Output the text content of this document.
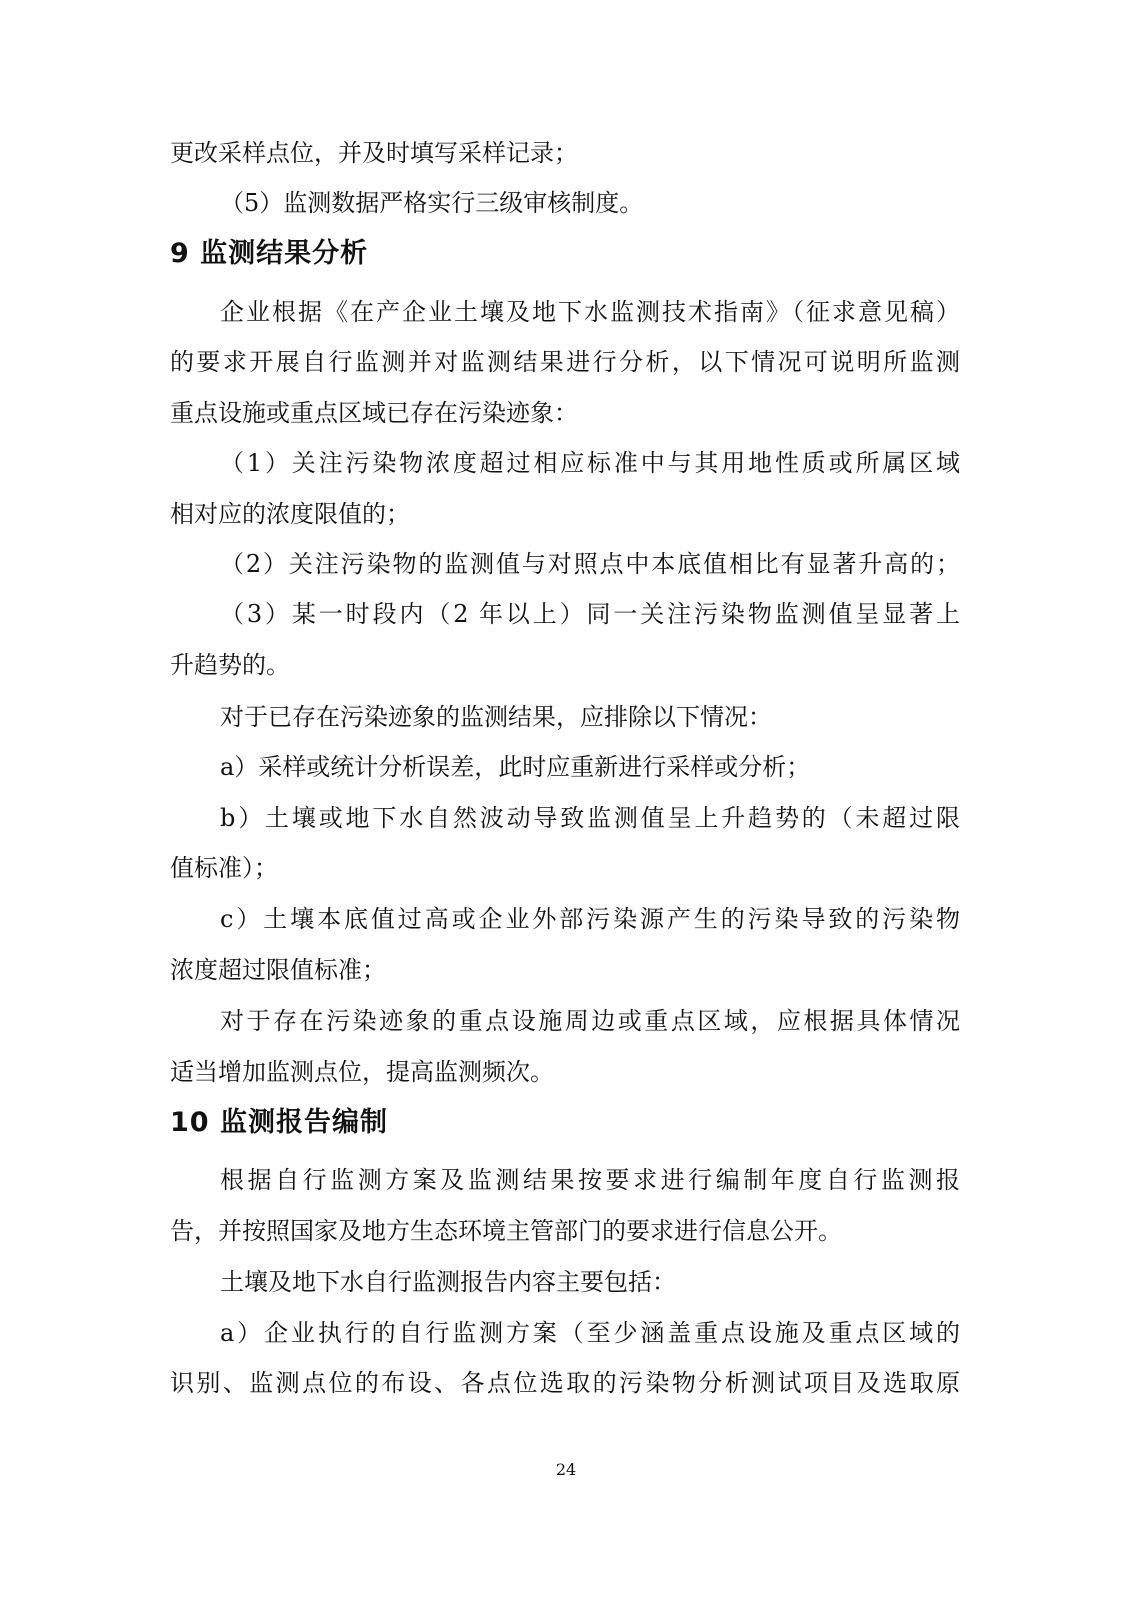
更改采样点位，并及时填写采样记录；
（5）监测数据严格实行三级审核制度。
9 监测结果分析
企业根据《在产企业土壤及地下水监测技术指南》（征求意见稿）
的要求开展自行监测并对监测结果进行分析，以下情况可说明所监测
重点设施或重点区域已存在污染迹象：
（1）关注污染物浓度超过相应标准中与其用地性质或所属区域
相对应的浓度限值的；
（2）关注污染物的监测值与对照点中本底值相比有显著升高的；
（3）某一时段内（2 年以上）同一关注污染物监测值呈显著上
升趋势的。
对于已存在污染迹象的监测结果，应排除以下情况：
a）采样或统计分析误差，此时应重新进行采样或分析；
b）土壤或地下水自然波动导致监测值呈上升趋势的（未超过限
值标准）；
c）土壤本底值过高或企业外部污染源产生的污染导致的污染物
浓度超过限值标准；
对于存在污染迹象的重点设施周边或重点区域，应根据具体情况
适当增加监测点位，提高监测频次。
10 监测报告编制
根据自行监测方案及监测结果按要求进行编制年度自行监测报
告，并按照国家及地方生态环境主管部门的要求进行信息公开。
土壤及地下水自行监测报告内容主要包括：
a）企业执行的自行监测方案（至少涵盖重点设施及重点区域的
识别、监测点位的布设、各点位选取的污染物分析测试项目及选取原
24
